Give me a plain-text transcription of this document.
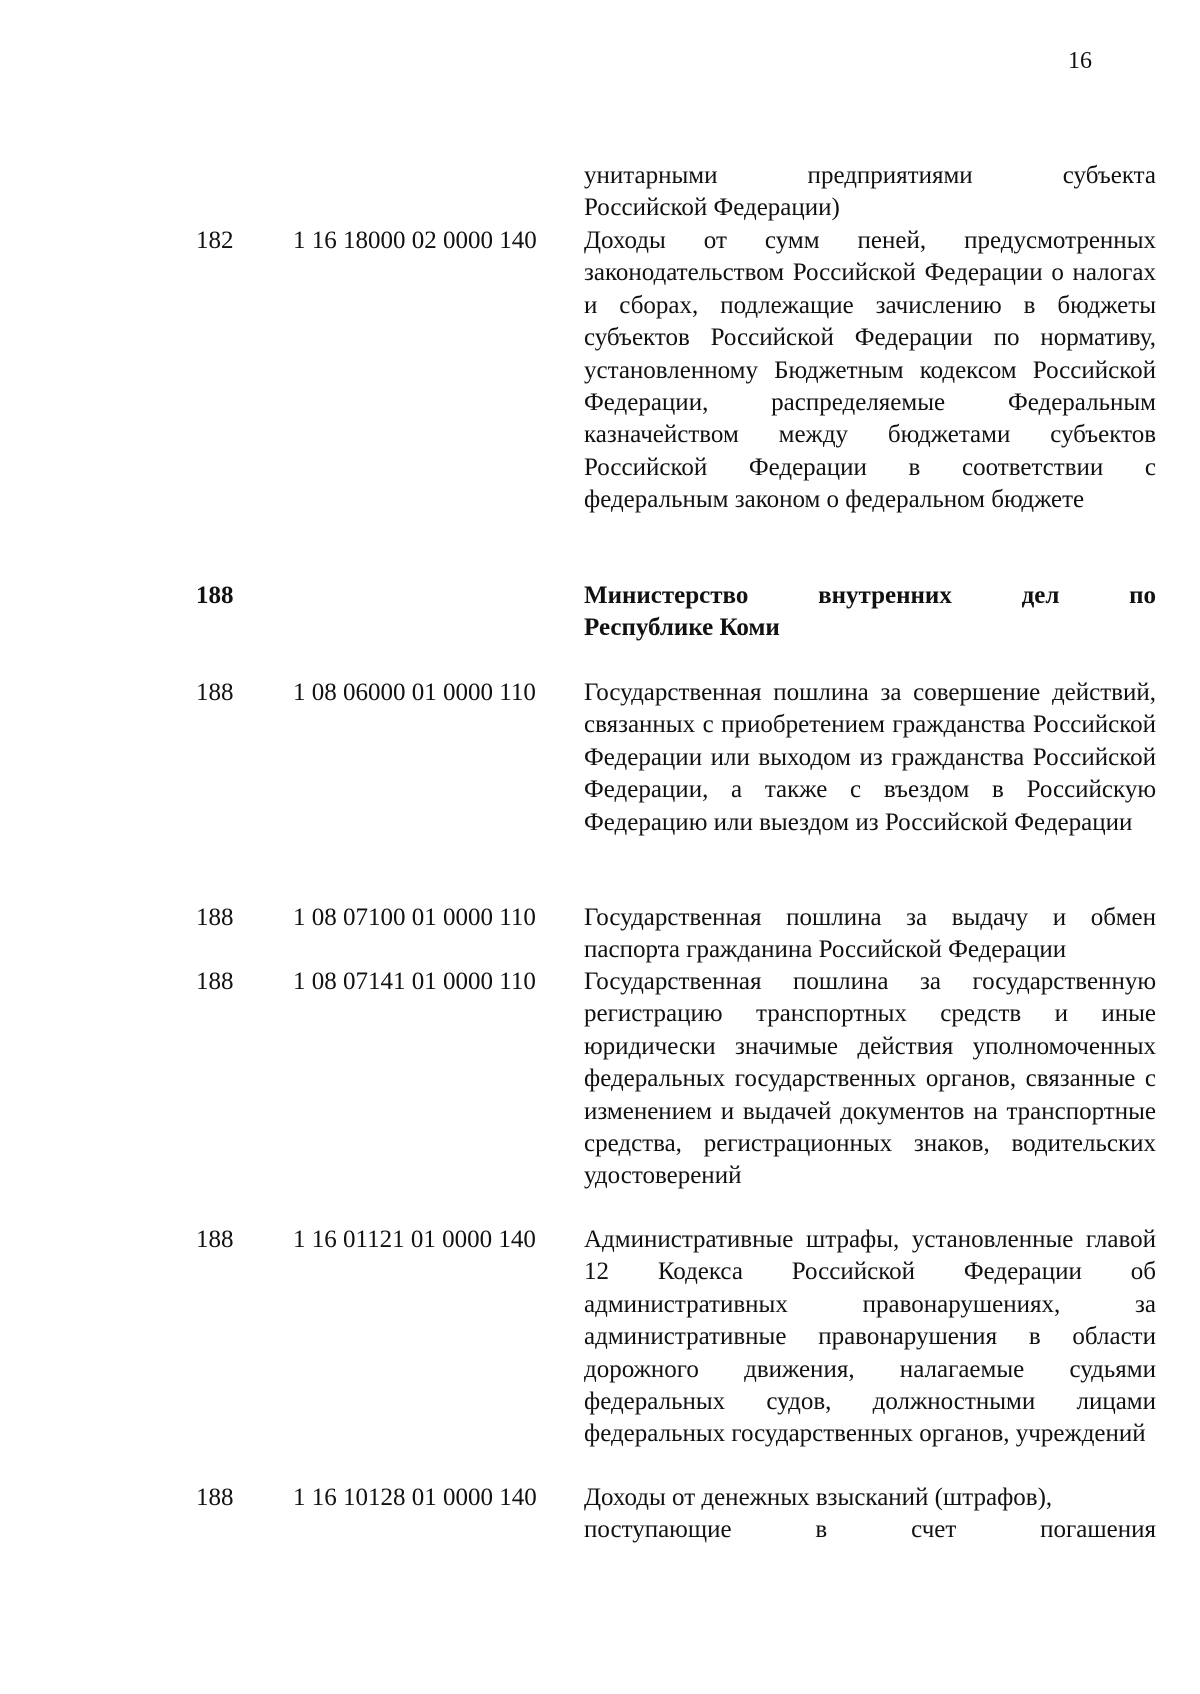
16
унитарными предприятиями субъекта
Российской Федерации)
182 1 16 18000 02 0000 140 Доходы от сумм пеней, предусмотренных законодательством Российской Федерации о налогах и сборах, подлежащие зачислению в бюджеты субъектов Российской Федерации по нормативу, установленному Бюджетным кодексом Российской Федерации, распределяемые Федеральным казначейством между бюджетами субъектов Российской Федерации в соответствии с федеральным законом о федеральном бюджете
188	Министерство внутренних дел по
Республике Коми
188 1 08 06000 01 0000 110 Государственная пошлина за совершение действий, связанных с приобретением гражданства Российской Федерации или выходом из гражданства Российской Федерации, а также с въездом в Российскую Федерацию или выездом из Российской Федерации
188 1 08 07100 01 0000 110 Государственная пошлина за выдачу и обмен паспорта гражданина Российской Федерации
188 1 08 07141 01 0000 110 Государственная пошлина за государственную регистрацию транспортных средств и иные юридически значимые действия уполномоченных федеральных государственных органов, связанные с изменением и выдачей документов на транспортные средства, регистрационных знаков, водительских удостоверений
188 1 16 01121 01 0000 140 Административные штрафы, установленные главой 12 Кодекса Российской Федерации об административных правонарушениях, за административные правонарушения в области дорожного движения, налагаемые судьями федеральных судов, должностными лицами федеральных государственных органов, учреждений
188 1 16 10128 01 0000 140 Доходы от денежных взысканий (штрафов),
поступающие в счет погашения
